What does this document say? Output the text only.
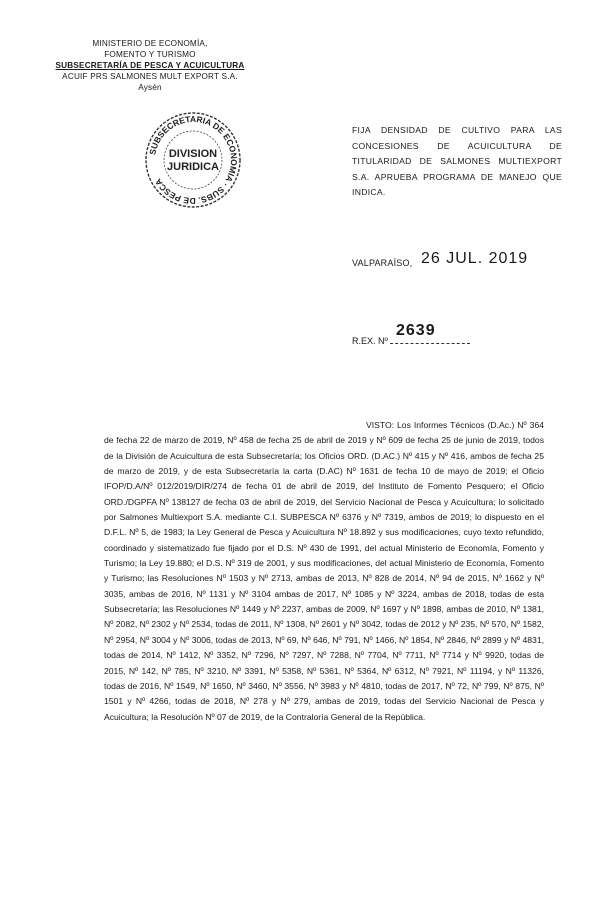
MINISTERIO DE ECONOMÍA,
FOMENTO Y TURISMO
SUBSECRETARÍA DE PESCA Y ACUICULTURA
ACUIF PRS SALMONES MULT EXPORT S.A.
Aysén
SUBSECRETARIA DE ECONOMIA · SUBS. DE PESCA
DIVISION
JURIDICA
FIJA DENSIDAD DE CULTIVO PARA LAS CONCESIONES DE ACUICULTURA DE TITULARIDAD DE SALMONES MULTIEXPORT S.A. APRUEBA PROGRAMA DE MANEJO QUE INDICA.
VALPARAÍSO, 26 JUL. 2019
2639
R.EX. Nº
VISTO: Los Informes Técnicos (D.Ac.) Nº 364 de fecha 22 de marzo de 2019, Nº 458 de fecha 25 de abril de 2019 y Nº 609 de fecha 25 de junio de 2019, todos de la División de Acuicultura de esta Subsecretaría; los Oficios ORD. (D.AC.) Nº 415 y Nº 416, ambos de fecha 25 de marzo de 2019, y de esta Subsecretaría la carta (D.AC) Nº 1631 de fecha 10 de mayo de 2019; el Oficio IFOP/D.A/Nº 012/2019/DIR/274 de fecha 01 de abril de 2019, del Instituto de Fomento Pesquero; el Oficio ORD./DGPFA Nº 138127 de fecha 03 de abril de 2019, del Servicio Nacional de Pesca y Acuicultura; lo solicitado por Salmones Multiexport S.A. mediante C.I. SUBPESCA Nº 6376 y Nº 7319, ambos de 2019; lo dispuesto en el D.F.L. Nº 5, de 1983; la Ley General de Pesca y Acuicultura Nº 18.892 y sus modificaciones, cuyo texto refundido, coordinado y sistematizado fue fijado por el D.S. Nº 430 de 1991, del actual Ministerio de Economía, Fomento y Turismo; la Ley 19.880; el D.S. Nº 319 de 2001, y sus modificaciones, del actual Ministerio de Economía, Fomento y Turismo; las Resoluciones Nº 1503 y Nº 2713, ambas de 2013, Nº 828 de 2014, Nº 94 de 2015, Nº 1662 y Nº 3035, ambas de 2016, Nº 1131 y Nº 3104 ambas de 2017, Nº 1085 y Nº 3224, ambas de 2018, todas de esta Subsecretaría; las Resoluciones Nº 1449 y Nº 2237, ambas de 2009, Nº 1697 y Nº 1898, ambas de 2010, Nº 1381, Nº 2082, Nº 2302 y Nº 2534, todas de 2011, Nº 1308, Nº 2601 y Nº 3042, todas de 2012 y Nº 235, Nº 570, Nº 1582, Nº 2954, Nº 3004 y Nº 3006, todas de 2013, Nº 69, Nº 646, Nº 791, Nº 1466, Nº 1854, Nº 2846, Nº 2899 y Nº 4831, todas de 2014, Nº 1412, Nº 3352, Nº 7296, Nº 7297, Nº 7288, Nº 7704, Nº 7711, Nº 7714 y Nº 9920, todas de 2015, Nº 142, Nº 785, Nº 3210, Nº 3391, Nº 5358, Nº 5361, Nº 5364, Nº 6312, Nº 7921, Nº 11194, y Nº 11326, todas de 2016, Nº 1549, Nº 1650, Nº 3460, Nº 3556, Nº 3983 y Nº 4810, todas de 2017, Nº 72, Nº 799, Nº 875, Nº 1501 y Nº 4266, todas de 2018, Nº 278 y Nº 279, ambas de 2019, todas del Servicio Nacional de Pesca y Acuicultura; la Resolución Nº 07 de 2019, de la Contraloría General de la República.
